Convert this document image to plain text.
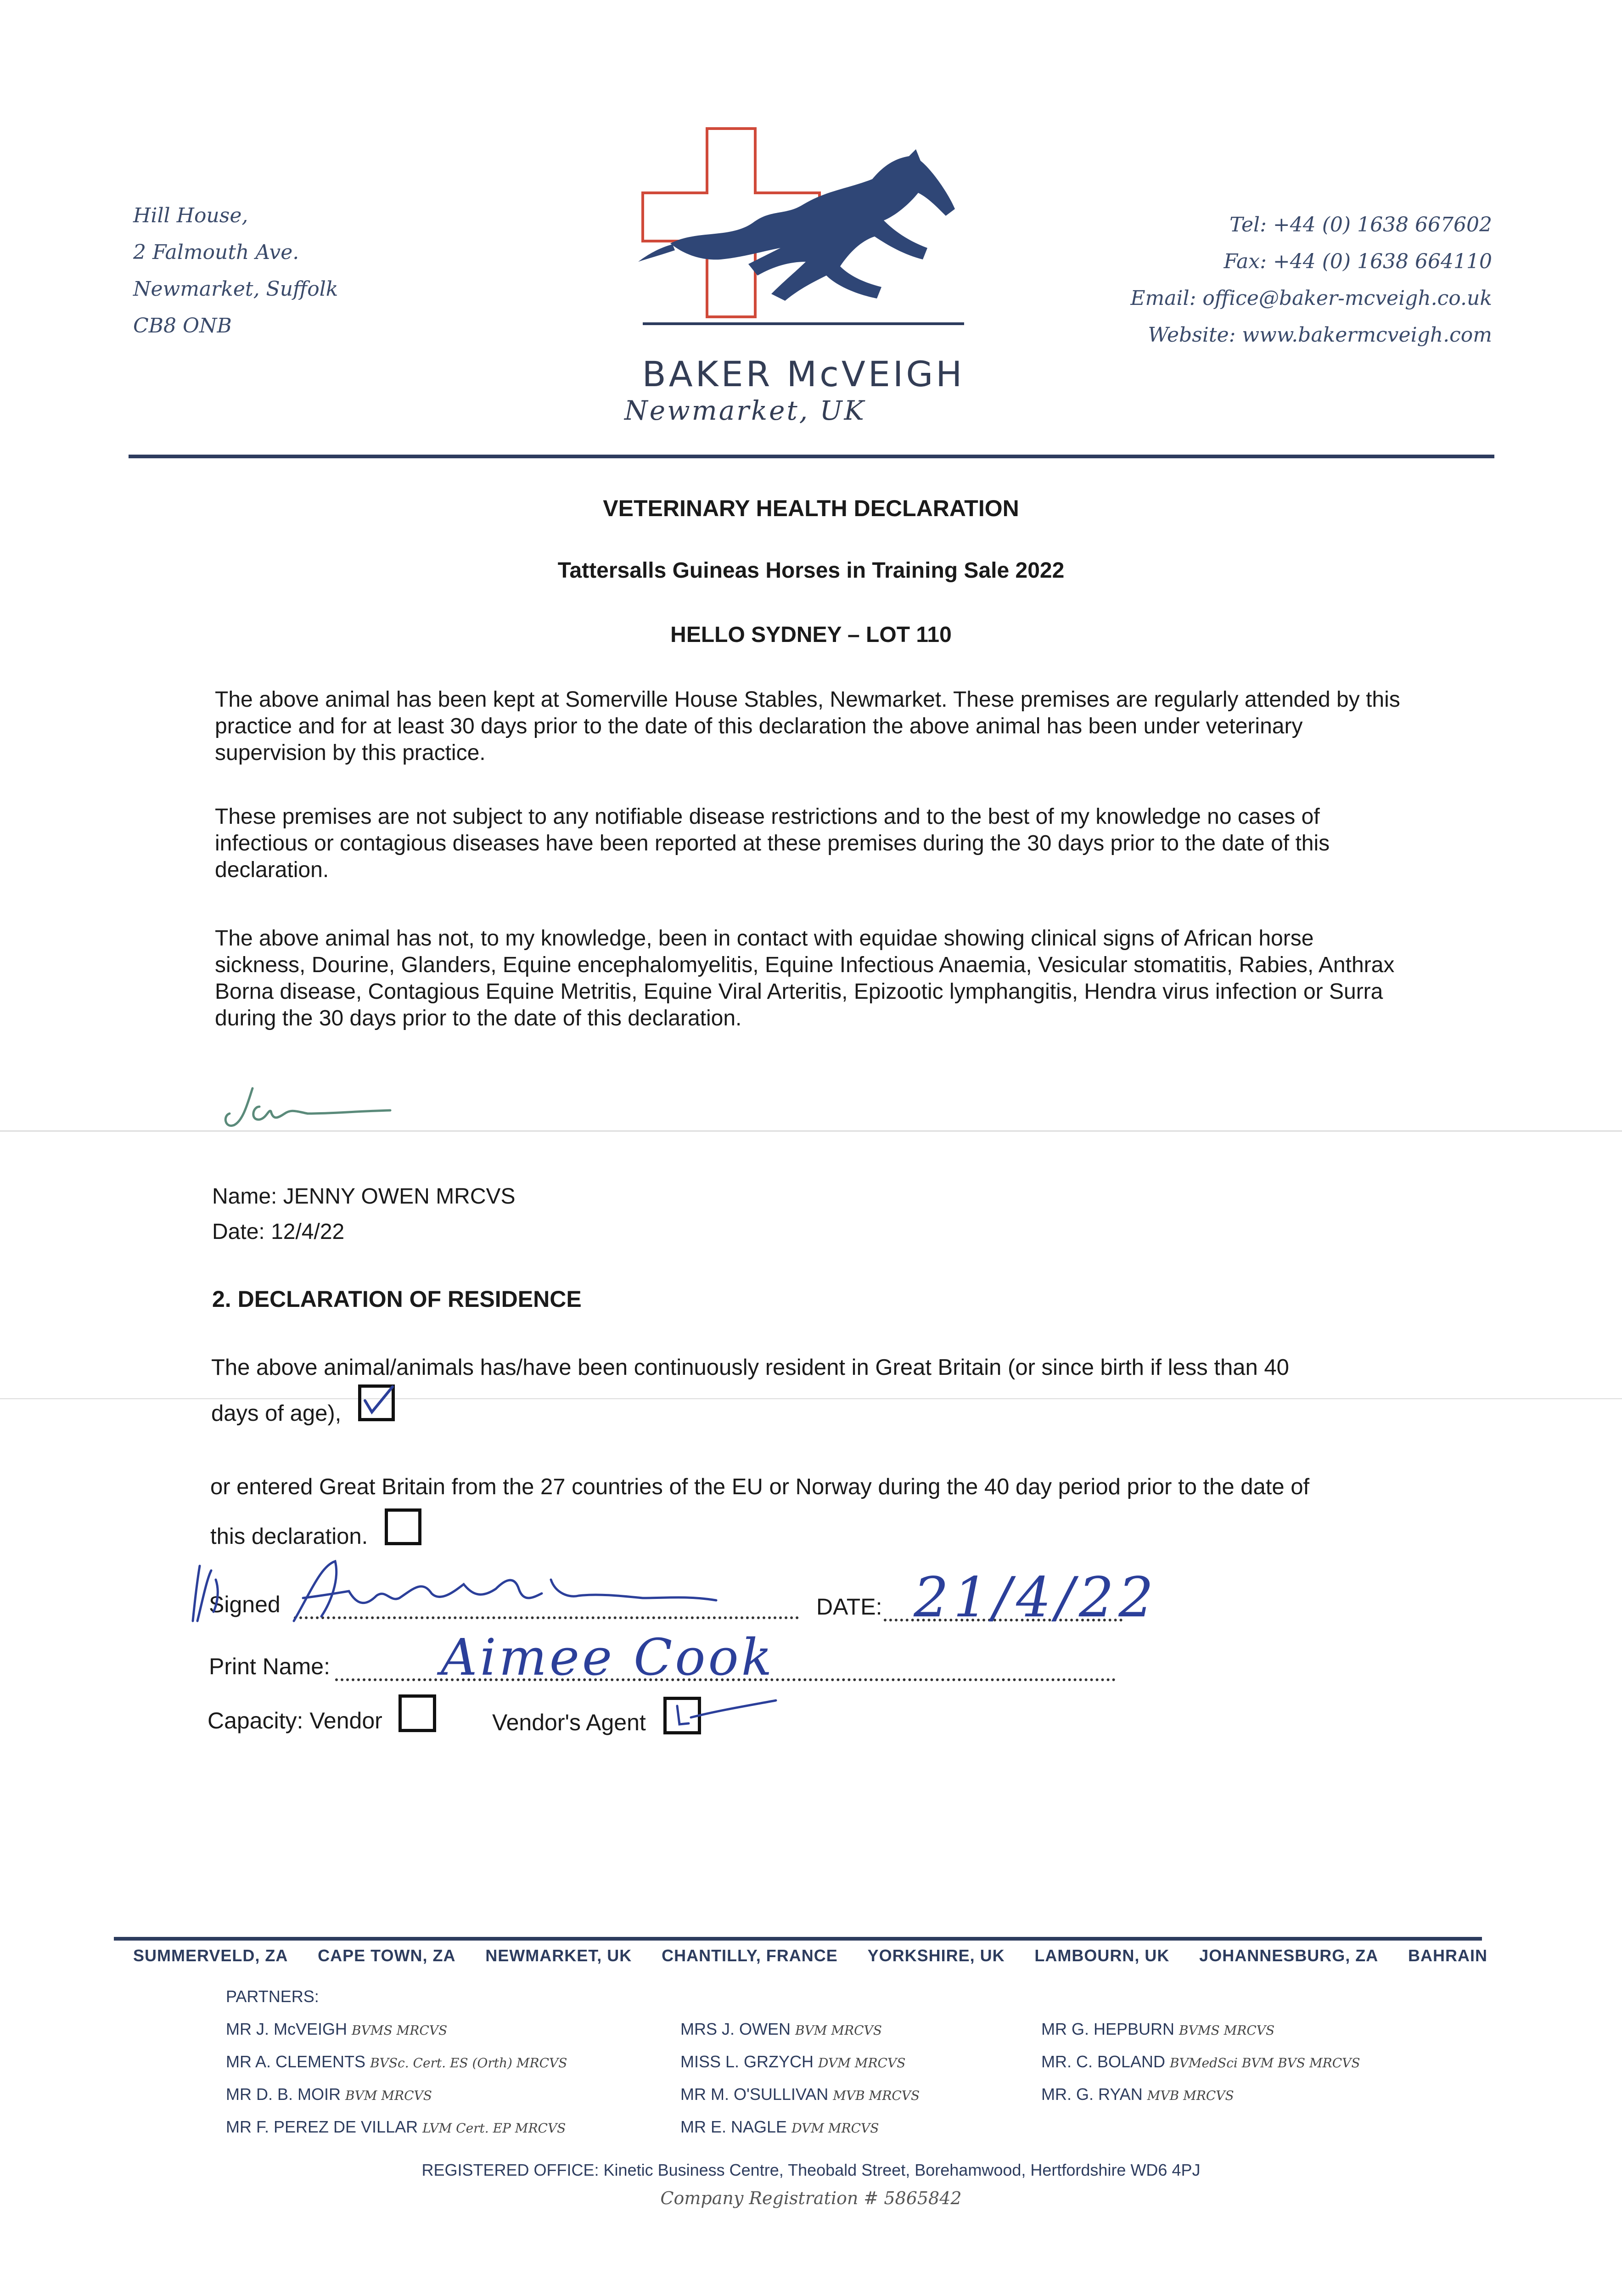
Hill House,
2 Falmouth Ave.
Newmarket, Suffolk
CB8 ONB
BAKER McVEIGH
Newmarket, UK
Tel: +44 (0) 1638 667602
Fax: +44 (0) 1638 664110
Email: office@baker-mcveigh.co.uk
Website: www.bakermcveigh.com
VETERINARY HEALTH DECLARATION
Tattersalls Guineas Horses in Training Sale 2022
HELLO SYDNEY – LOT 110
The above animal has been kept at Somerville House Stables, Newmarket. These premises are regularly attended by this practice and for at least 30 days prior to the date of this declaration the above animal has been under veterinary supervision by this practice.
These premises are not subject to any notifiable disease restrictions and to the best of my knowledge no cases of infectious or contagious diseases have been reported at these premises during the 30 days prior to the date of this declaration.
The above animal has not, to my knowledge, been in contact with equidae showing clinical signs of African horse sickness, Dourine, Glanders, Equine encephalomyelitis, Equine Infectious Anaemia, Vesicular stomatitis, Rabies, Anthrax Borna disease, Contagious Equine Metritis, Equine Viral Arteritis, Epizootic lymphangitis, Hendra virus infection or Surra during the 30 days prior to the date of this declaration.
Name: JENNY OWEN MRCVS
Date: 12/4/22
2. DECLARATION OF RESIDENCE
The above animal/animals has/have been continuously resident in Great Britain (or since birth if less than 40
days of age),
or entered Great Britain from the 27 countries of the EU or Norway during the 40 day period prior to the date of
this declaration.
Signed	DATE: 21/4/22
Print Name: Aimee Cook
Capacity: Vendor	Vendor's Agent
SUMMERVELD, ZA CAPE TOWN, ZA NEWMARKET, UK CHANTILLY, FRANCE YORKSHIRE, UK LAMBOURN, UK JOHANNESBURG, ZA BAHRAIN
PARTNERS:
MR J. McVEIGH BVMS MRCVS
MR A. CLEMENTS BVSc. Cert. ES (Orth) MRCVS
MR D. B. MOIR BVM MRCVS
MR F. PEREZ DE VILLAR LVM Cert. EP MRCVS
MRS J. OWEN BVM MRCVS
MISS L. GRZYCH DVM MRCVS
MR M. O'SULLIVAN MVB MRCVS
MR E. NAGLE DVM MRCVS
MR G. HEPBURN BVMS MRCVS
MR. C. BOLAND BVMedSci BVM BVS MRCVS
MR. G. RYAN MVB MRCVS
REGISTERED OFFICE: Kinetic Business Centre, Theobald Street, Borehamwood, Hertfordshire WD6 4PJ
Company Registration # 5865842
